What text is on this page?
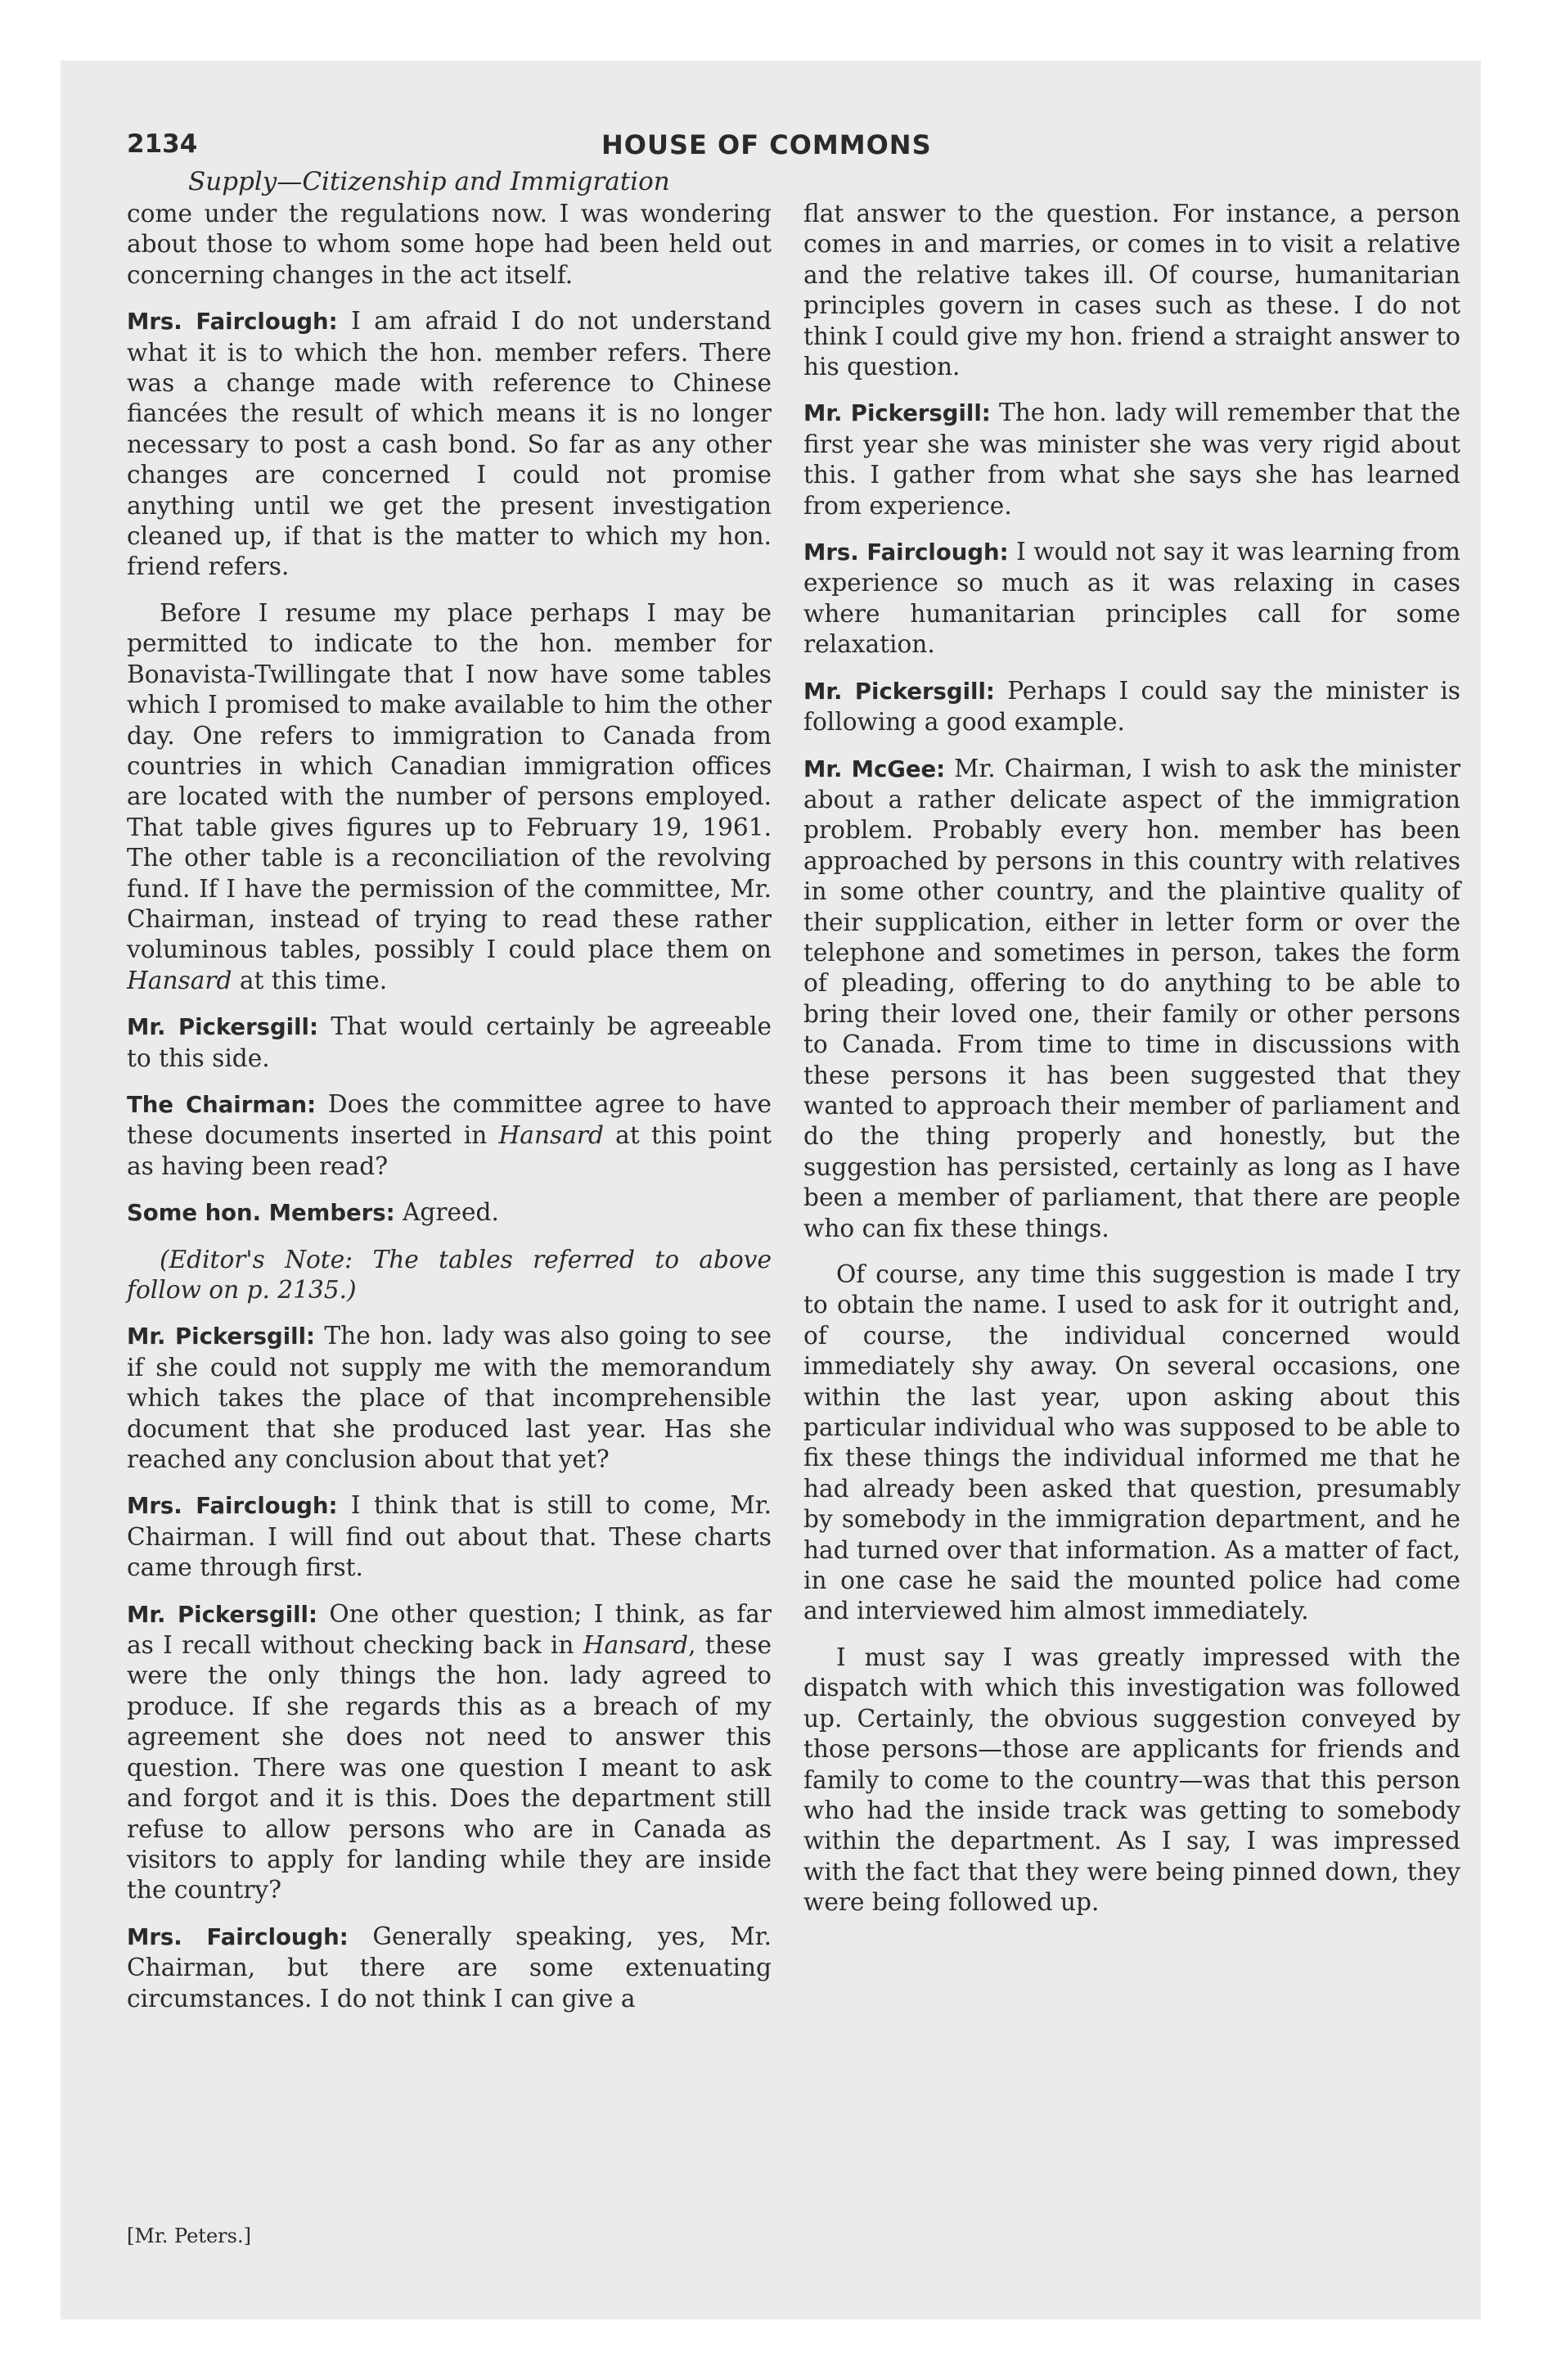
2134	HOUSE OF COMMONS
Supply—Citizenship and Immigration

come under the regulations now. I was wondering about those to whom some hope had been held out concerning changes in the act itself.

Mrs. Fairclough: I am afraid I do not understand what it is to which the hon. member refers. There was a change made with reference to Chinese fiancées the result of which means it is no longer necessary to post a cash bond. So far as any other changes are concerned I could not promise anything until we get the present investigation cleaned up, if that is the matter to which my hon. friend refers.

Before I resume my place perhaps I may be permitted to indicate to the hon. member for Bonavista-Twillingate that I now have some tables which I promised to make available to him the other day. One refers to immigration to Canada from countries in which Canadian immigration offices are located with the number of persons employed. That table gives figures up to February 19, 1961. The other table is a reconciliation of the revolving fund. If I have the permission of the committee, Mr. Chairman, instead of trying to read these rather voluminous tables, possibly I could place them on Hansard at this time.

Mr. Pickersgill: That would certainly be agreeable to this side.

The Chairman: Does the committee agree to have these documents inserted in Hansard at this point as having been read?

Some hon. Members: Agreed.

(Editor's Note: The tables referred to above follow on p. 2135.)

Mr. Pickersgill: The hon. lady was also going to see if she could not supply me with the memorandum which takes the place of that incomprehensible document that she produced last year. Has she reached any conclusion about that yet?

Mrs. Fairclough: I think that is still to come, Mr. Chairman. I will find out about that. These charts came through first.

Mr. Pickersgill: One other question; I think, as far as I recall without checking back in Hansard, these were the only things the hon. lady agreed to produce. If she regards this as a breach of my agreement she does not need to answer this question. There was one question I meant to ask and forgot and it is this. Does the department still refuse to allow persons who are in Canada as visitors to apply for landing while they are inside the country?

Mrs. Fairclough: Generally speaking, yes, Mr. Chairman, but there are some extenuating circumstances. I do not think I can give a

flat answer to the question. For instance, a person comes in and marries, or comes in to visit a relative and the relative takes ill. Of course, humanitarian principles govern in cases such as these. I do not think I could give my hon. friend a straight answer to his question.

Mr. Pickersgill: The hon. lady will remember that the first year she was minister she was very rigid about this. I gather from what she says she has learned from experience.

Mrs. Fairclough: I would not say it was learning from experience so much as it was relaxing in cases where humanitarian principles call for some relaxation.

Mr. Pickersgill: Perhaps I could say the minister is following a good example.

Mr. McGee: Mr. Chairman, I wish to ask the minister about a rather delicate aspect of the immigration problem. Probably every hon. member has been approached by persons in this country with relatives in some other country, and the plaintive quality of their supplication, either in letter form or over the telephone and sometimes in person, takes the form of pleading, offering to do anything to be able to bring their loved one, their family or other persons to Canada. From time to time in discussions with these persons it has been suggested that they wanted to approach their member of parliament and do the thing properly and honestly, but the suggestion has persisted, certainly as long as I have been a member of parliament, that there are people who can fix these things.

Of course, any time this suggestion is made I try to obtain the name. I used to ask for it outright and, of course, the individual concerned would immediately shy away. On several occasions, one within the last year, upon asking about this particular individual who was supposed to be able to fix these things the individual informed me that he had already been asked that question, presumably by somebody in the immigration department, and he had turned over that information. As a matter of fact, in one case he said the mounted police had come and interviewed him almost immediately.

I must say I was greatly impressed with the dispatch with which this investigation was followed up. Certainly, the obvious suggestion conveyed by those persons—those are applicants for friends and family to come to the country—was that this person who had the inside track was getting to somebody within the department. As I say, I was impressed with the fact that they were being pinned down, they were being followed up.

[Mr. Peters.]
